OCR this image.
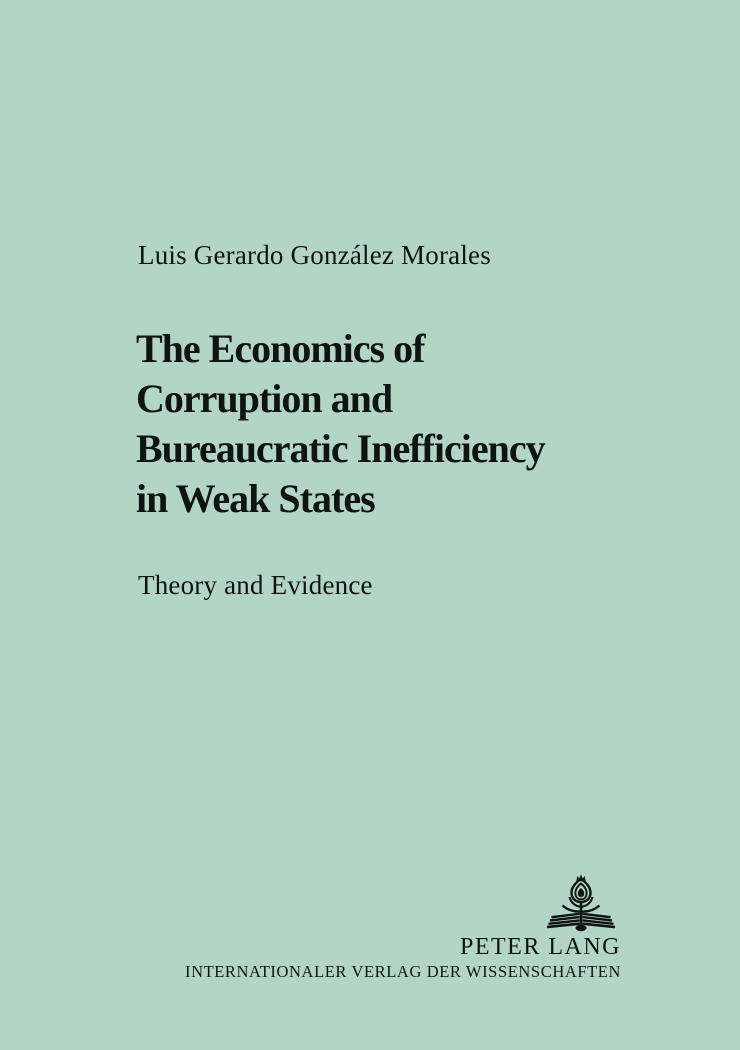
Luis Gerardo González Morales
The Economics of
Corruption and
Bureaucratic Inefficiency
in Weak States
Theory and Evidence
PETER LANG
INTERNATIONALER VERLAG DER WISSENSCHAFTEN
